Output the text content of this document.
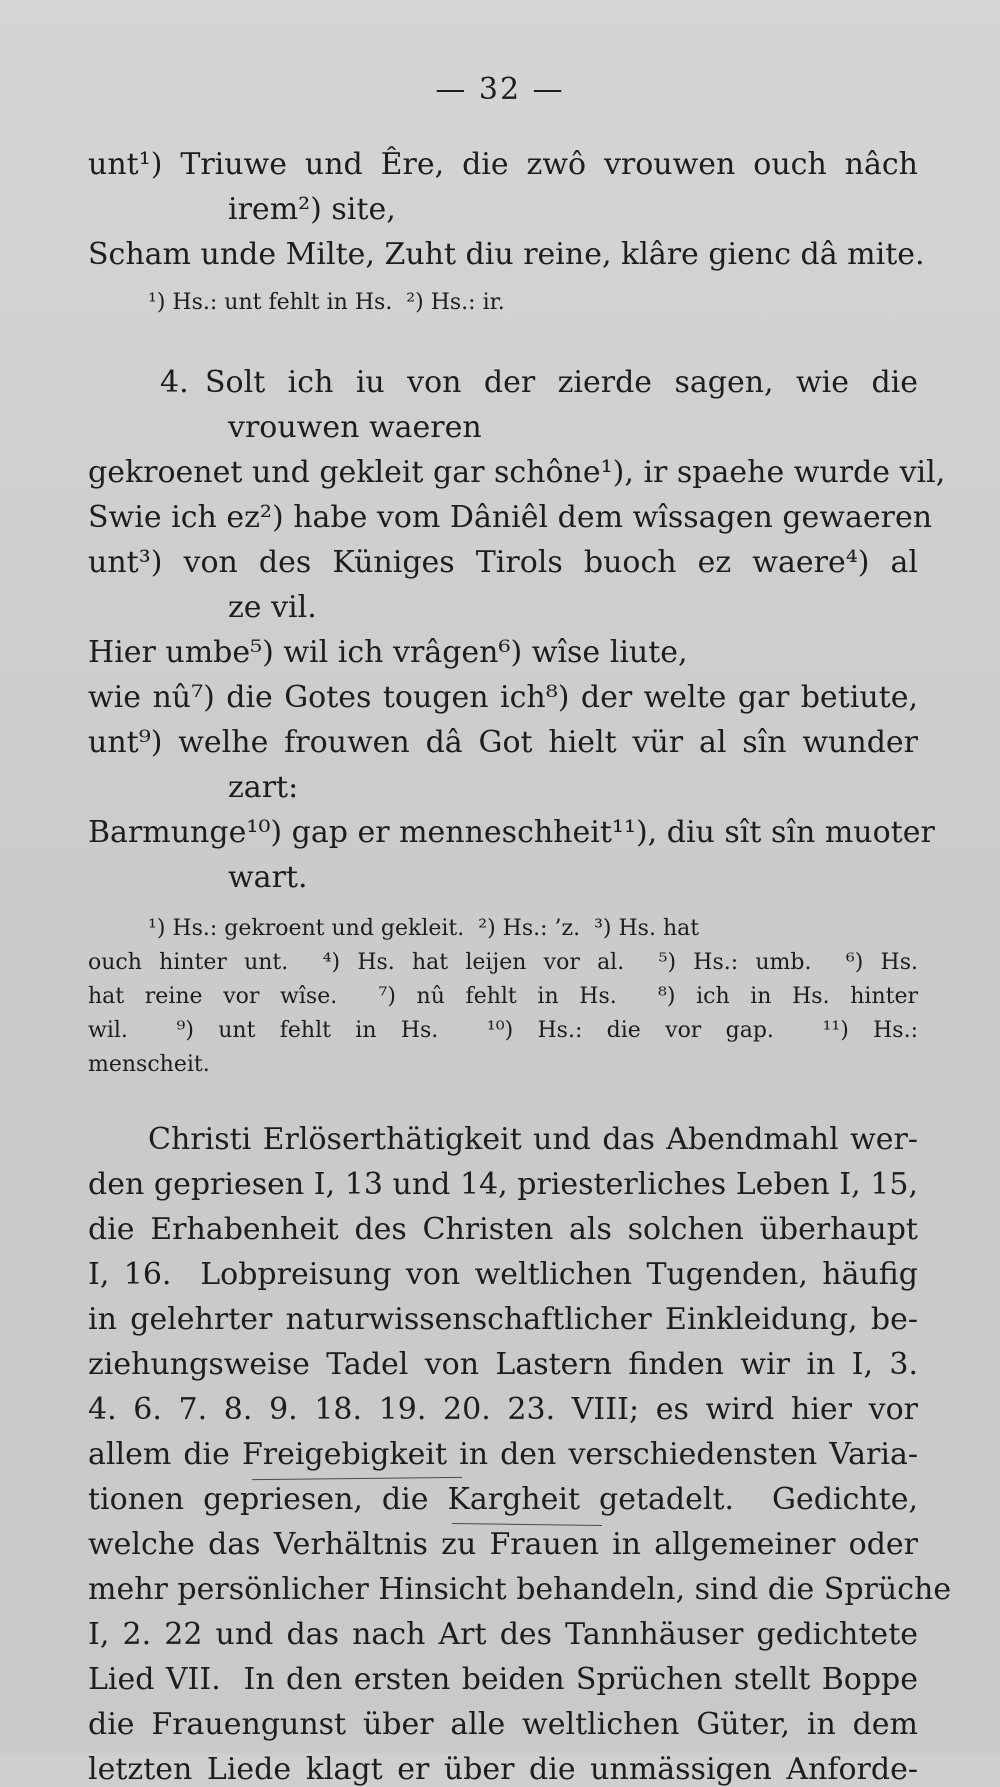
— 32 —
unt¹) Triuwe und Êre, die zwô vrouwen ouch nâch
irem²) site,
Scham unde Milte, Zuht diu reine, klâre gienc dâ mite.
¹) Hs.: unt fehlt in Hs.  ²) Hs.: ir.
4. Solt ich iu von der zierde sagen, wie die
vrouwen waeren
gekroenet und gekleit gar schône¹), ir spaehe wurde vil,
Swie ich ez²) habe vom Dâniêl dem wîssagen gewaeren
unt³) von des Küniges Tirols buoch ez waere⁴) al
ze vil.
Hier umbe⁵) wil ich vrâgen⁶) wîse liute,
wie nû⁷) die Gotes tougen ich⁸) der welte gar betiute,
unt⁹) welhe frouwen dâ Got hielt vür al sîn wunder
zart:
Barmunge¹⁰) gap er menneschheit¹¹), diu sît sîn muoter
wart.
¹) Hs.: gekroent und gekleit.  ²) Hs.: ’z.  ³) Hs. hat
ouch hinter unt.  ⁴) Hs. hat leijen vor al.  ⁵) Hs.: umb.  ⁶) Hs.
hat reine vor wîse.  ⁷) nû fehlt in Hs.  ⁸) ich in Hs. hinter
wil.  ⁹) unt fehlt in Hs.  ¹⁰) Hs.: die vor gap.  ¹¹) Hs.:
menscheit.
Christi Erlöserthätigkeit und das Abendmahl wer-
den gepriesen I, 13 und 14, priesterliches Leben I, 15,
die Erhabenheit des Christen als solchen überhaupt
I, 16.  Lobpreisung von weltlichen Tugenden, häufig
in gelehrter naturwissenschaftlicher Einkleidung, be-
ziehungsweise Tadel von Lastern finden wir in I, 3.
4. 6. 7. 8. 9. 18. 19. 20. 23. VIII; es wird hier vor
allem die Freigebigkeit in den verschiedensten Varia-
tionen gepriesen, die Kargheit getadelt.  Gedichte,
welche das Verhältnis zu Frauen in allgemeiner oder
mehr persönlicher Hinsicht behandeln, sind die Sprüche
I, 2. 22 und das nach Art des Tannhäuser gedichtete
Lied VII.  In den ersten beiden Sprüchen stellt Boppe
die Frauengunst über alle weltlichen Güter, in dem
letzten Liede klagt er über die unmässigen Anforde-
